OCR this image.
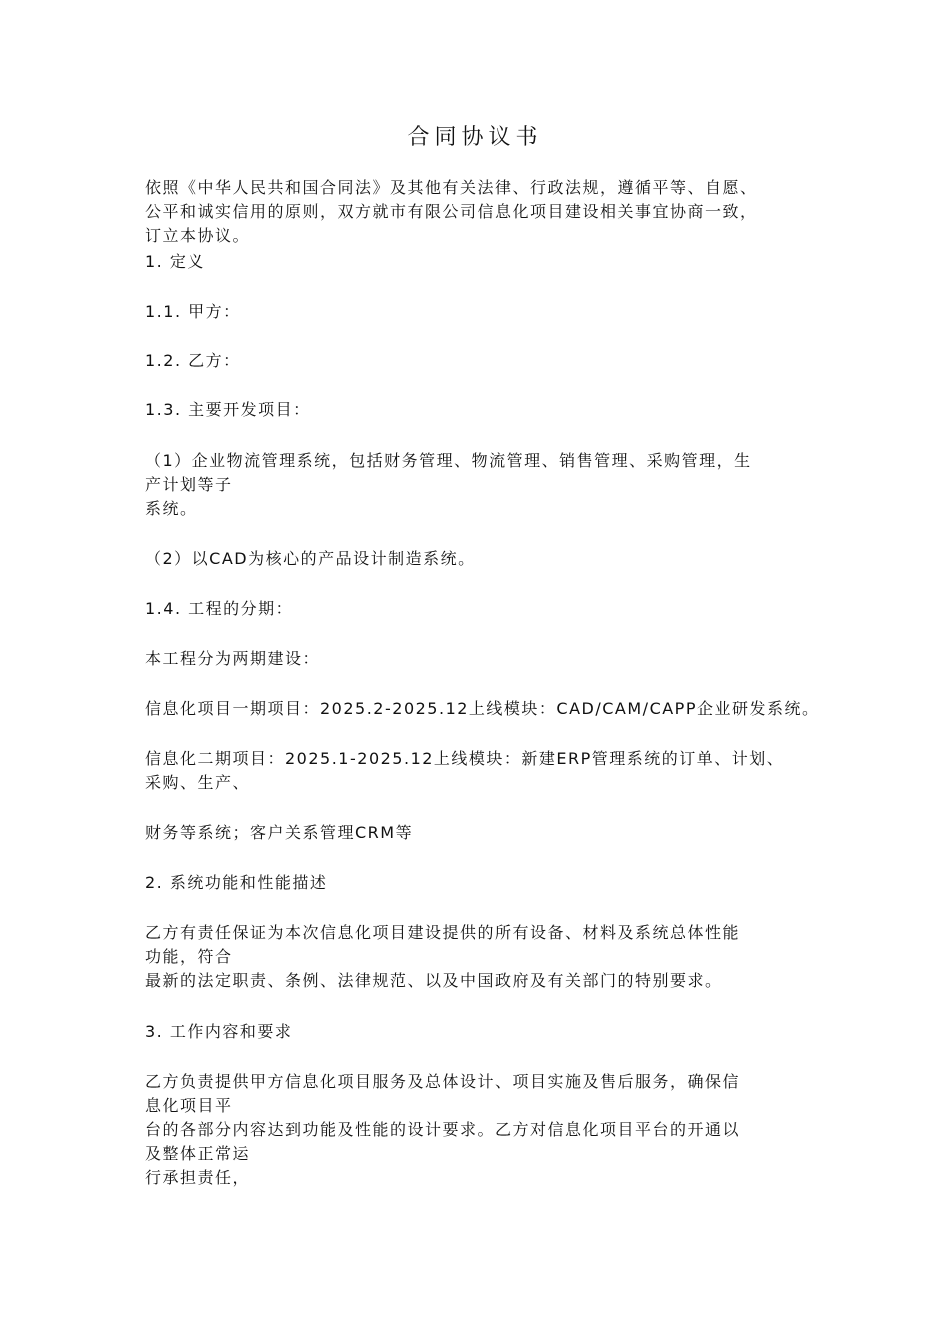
合同协议书

依照《中华人民共和国合同法》及其他有关法律、行政法规，遵循平等、自愿、
公平和诚实信用的原则，双方就市有限公司信息化项目建设相关事宜协商一致，
订立本协议。

1. 定义

1.1. 甲方：

1.2. 乙方：

1.3. 主要开发项目：

（1）企业物流管理系统，包括财务管理、物流管理、销售管理、采购管理，生
产计划等子
系统。

（2）以CAD为核心的产品设计制造系统。

1.4. 工程的分期：

本工程分为两期建设：

信息化项目一期项目：2025.2-2025.12上线模块：CAD/CAM/CAPP企业研发系统。

信息化二期项目：2025.1-2025.12上线模块：新建ERP管理系统的订单、计划、
采购、生产、

财务等系统；客户关系管理CRM等

2. 系统功能和性能描述

乙方有责任保证为本次信息化项目建设提供的所有设备、材料及系统总体性能
功能，符合
最新的法定职责、条例、法律规范、以及中国政府及有关部门的特别要求。

3. 工作内容和要求

乙方负责提供甲方信息化项目服务及总体设计、项目实施及售后服务，确保信
息化项目平
台的各部分内容达到功能及性能的设计要求。乙方对信息化项目平台的开通以
及整体正常运
行承担责任，
